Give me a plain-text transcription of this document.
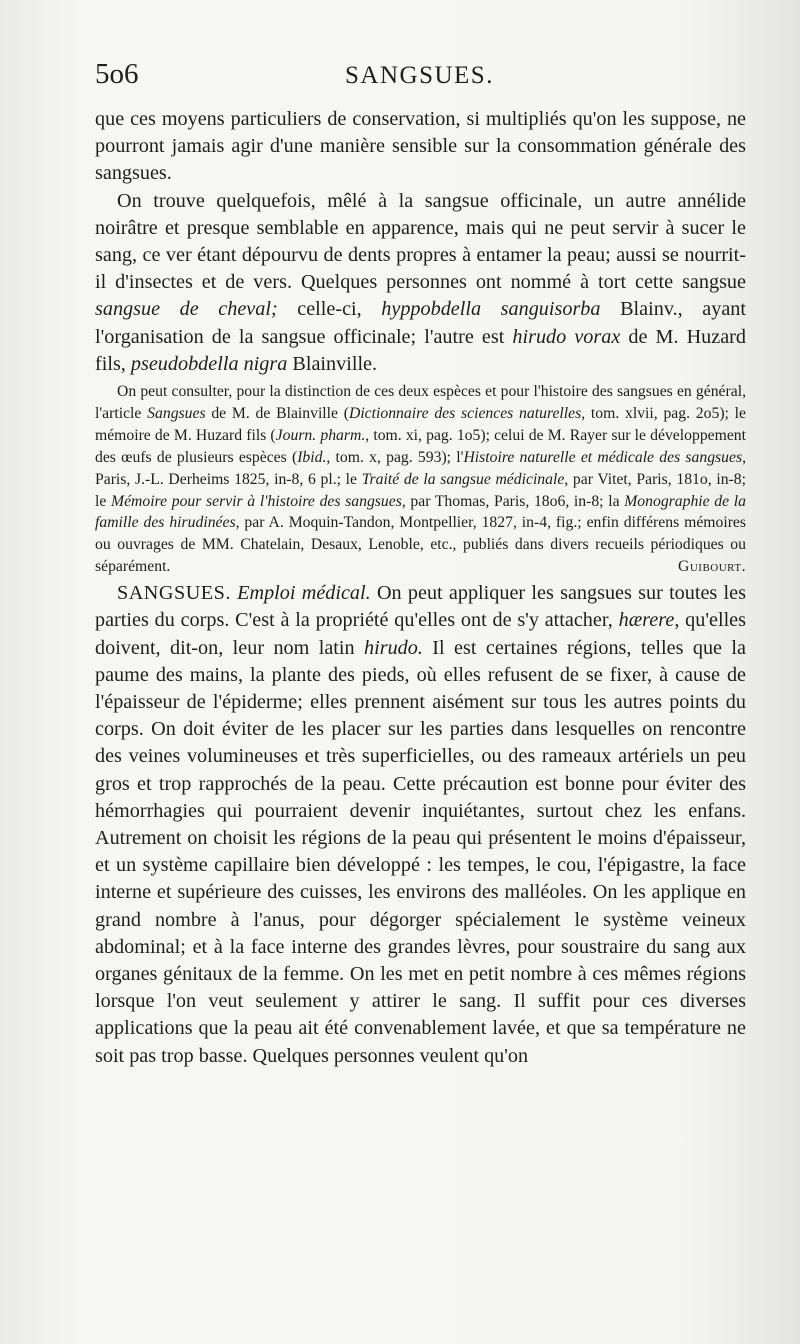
5o6	SANGSUES.

que ces moyens particuliers de conservation, si multipliés qu'on les suppose, ne pourront jamais agir d'une manière sensible sur la consommation générale des sangsues.

On trouve quelquefois, mêlé à la sangsue officinale, un autre annélide noirâtre et presque semblable en apparence, mais qui ne peut servir à sucer le sang, ce ver étant dépourvu de dents propres à entamer la peau; aussi se nourrit-il d'insectes et de vers. Quelques personnes ont nommé à tort cette sangsue sangsue de cheval; celle-ci, hyppobdella sanguisorba Blainv., ayant l'organisation de la sangsue officinale; l'autre est hirudo vorax de M. Huzard fils, pseudobdella nigra Blainville.

On peut consulter, pour la distinction de ces deux espèces et pour l'histoire des sangsues en général, l'article Sangsues de M. de Blainville (Dictionnaire des sciences naturelles, tom. xlvii, pag. 2o5); le mémoire de M. Huzard fils (Journ. pharm., tom. xi, pag. 1o5); celui de M. Rayer sur le développement des œufs de plusieurs espèces (Ibid., tom. x, pag. 593); l'Histoire naturelle et médicale des sangsues, Paris, J.-L. Derheims 1825, in-8, 6 pl.; le Traité de la sangsue médicinale, par Vitet, Paris, 181o, in-8; le Mémoire pour servir à l'histoire des sangsues, par Thomas, Paris, 18o6, in-8; la Monographie de la famille des hirudinées, par A. Moquin-Tandon, Montpellier, 1827, in-4, fig.; enfin différens mémoires ou ouvrages de MM. Chatelain, Desaux, Lenoble, etc., publiés dans divers recueils périodiques ou séparément.	Guibourt.

SANGSUES. Emploi médical. On peut appliquer les sangsues sur toutes les parties du corps. C'est à la propriété qu'elles ont de s'y attacher, hærere, qu'elles doivent, dit-on, leur nom latin hirudo. Il est certaines régions, telles que la paume des mains, la plante des pieds, où elles refusent de se fixer, à cause de l'épaisseur de l'épiderme; elles prennent aisément sur tous les autres points du corps. On doit éviter de les placer sur les parties dans lesquelles on rencontre des veines volumineuses et très superficielles, ou des rameaux artériels un peu gros et trop rapprochés de la peau. Cette précaution est bonne pour éviter des hémorrhagies qui pourraient devenir inquiétantes, surtout chez les enfans. Autrement on choisit les régions de la peau qui présentent le moins d'épaisseur, et un système capillaire bien développé : les tempes, le cou, l'épigastre, la face interne et supérieure des cuisses, les environs des malléoles. On les applique en grand nombre à l'anus, pour dégorger spécialement le système veineux abdominal; et à la face interne des grandes lèvres, pour soustraire du sang aux organes génitaux de la femme. On les met en petit nombre à ces mêmes régions lorsque l'on veut seulement y attirer le sang. Il suffit pour ces diverses applications que la peau ait été convenablement lavée, et que sa température ne soit pas trop basse. Quelques personnes veulent qu'on
